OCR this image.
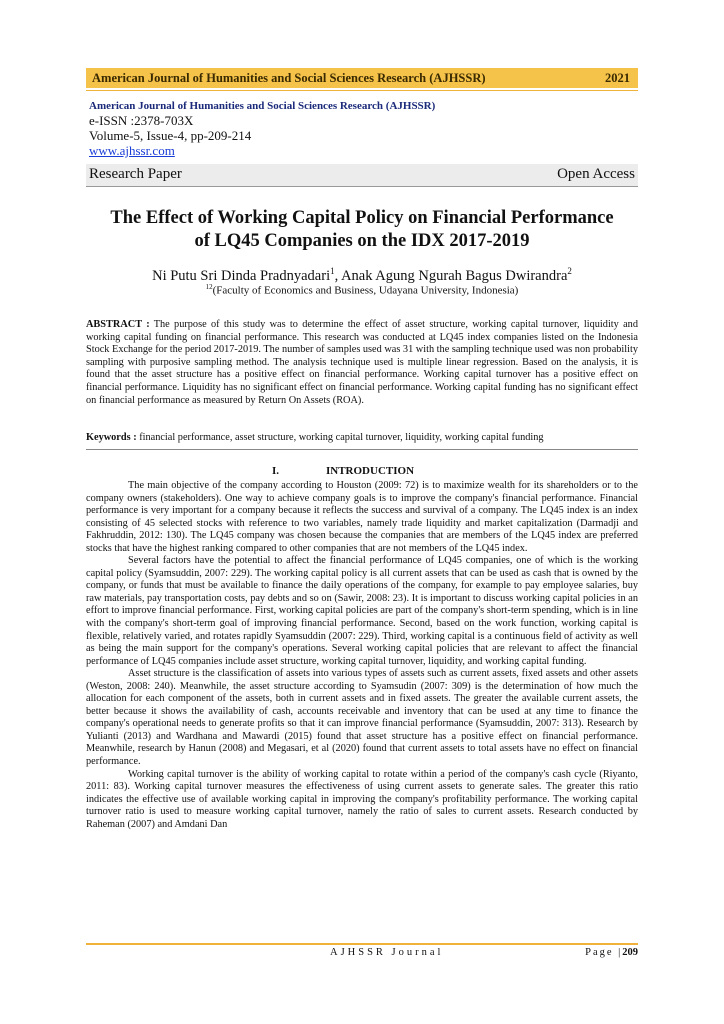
American Journal of Humanities and Social Sciences Research (AJHSSR)	2021
American Journal of Humanities and Social Sciences Research (AJHSSR)
e-ISSN :2378-703X
Volume-5, Issue-4, pp-209-214
www.ajhssr.com
Research Paper	Open Access
The Effect of Working Capital Policy on Financial Performance
of LQ45 Companies on the IDX 2017-2019
Ni Putu Sri Dinda Pradnyadari$^1$, Anak Agung Ngurah Bagus Dwirandra$^2$
$^{12}$(Faculty of Economics and Business, Udayana University, Indonesia)
ABSTRACT : The purpose of this study was to determine the effect of asset structure, working capital turnover, liquidity and working capital funding on financial performance. This research was conducted at LQ45 index companies listed on the Indonesia Stock Exchange for the period 2017-2019. The number of samples used was 31 with the sampling technique used was non probability sampling with purposive sampling method. The analysis technique used is multiple linear regression. Based on the analysis, it is found that the asset structure has a positive effect on financial performance. Working capital turnover has a positive effect on financial performance. Liquidity has no significant effect on financial performance. Working capital funding has no significant effect on financial performance as measured by Return On Assets (ROA).
Keywords : financial performance, asset structure, working capital turnover, liquidity, working capital funding
I.	INTRODUCTION

The main objective of the company according to Houston (2009: 72) is to maximize wealth for its shareholders or to the company owners (stakeholders). One way to achieve company goals is to improve the company's financial performance. Financial performance is very important for a company because it reflects the success and survival of a company. The LQ45 index is an index consisting of 45 selected stocks with reference to two variables, namely trade liquidity and market capitalization (Darmadji and Fakhruddin, 2012: 130). The LQ45 company was chosen because the companies that are members of the LQ45 index are preferred stocks that have the highest ranking compared to other companies that are not members of the LQ45 index.

Several factors have the potential to affect the financial performance of LQ45 companies, one of which is the working capital policy (Syamsuddin, 2007: 229). The working capital policy is all current assets that can be used as cash that is owned by the company, or funds that must be available to finance the daily operations of the company, for example to pay employee salaries, buy raw materials, pay transportation costs, pay debts and so on (Sawir, 2008: 23). It is important to discuss working capital policies in an effort to improve financial performance. First, working capital policies are part of the company's short-term spending, which is in line with the company's short-term goal of improving financial performance. Second, based on the work function, working capital is flexible, relatively varied, and rotates rapidly Syamsuddin (2007: 229). Third, working capital is a continuous field of activity as well as being the main support for the company's operations. Several working capital policies that are relevant to affect the financial performance of LQ45 companies include asset structure, working capital turnover, liquidity, and working capital funding.

Asset structure is the classification of assets into various types of assets such as current assets, fixed assets and other assets (Weston, 2008: 240). Meanwhile, the asset structure according to Syamsudin (2007: 309) is the determination of how much the allocation for each component of the assets, both in current assets and in fixed assets. The greater the available current assets, the better because it shows the availability of cash, accounts receivable and inventory that can be used at any time to finance the company's operational needs to generate profits so that it can improve financial performance (Syamsuddin, 2007: 313). Research by Yulianti (2013) and Wardhana and Mawardi (2015) found that asset structure has a positive effect on financial performance. Meanwhile, research by Hanun (2008) and Megasari, et al (2020) found that current assets to total assets have no effect on financial performance.

Working capital turnover is the ability of working capital to rotate within a period of the company's cash cycle (Riyanto, 2011: 83). Working capital turnover measures the effectiveness of using current assets to generate sales. The greater this ratio indicates the effective use of available working capital in improving the company's profitability performance. The working capital turnover ratio is used to measure working capital turnover, namely the ratio of sales to current assets. Research conducted by Raheman (2007) and Amdani Dan

AJHSSR Journal	Page |209
